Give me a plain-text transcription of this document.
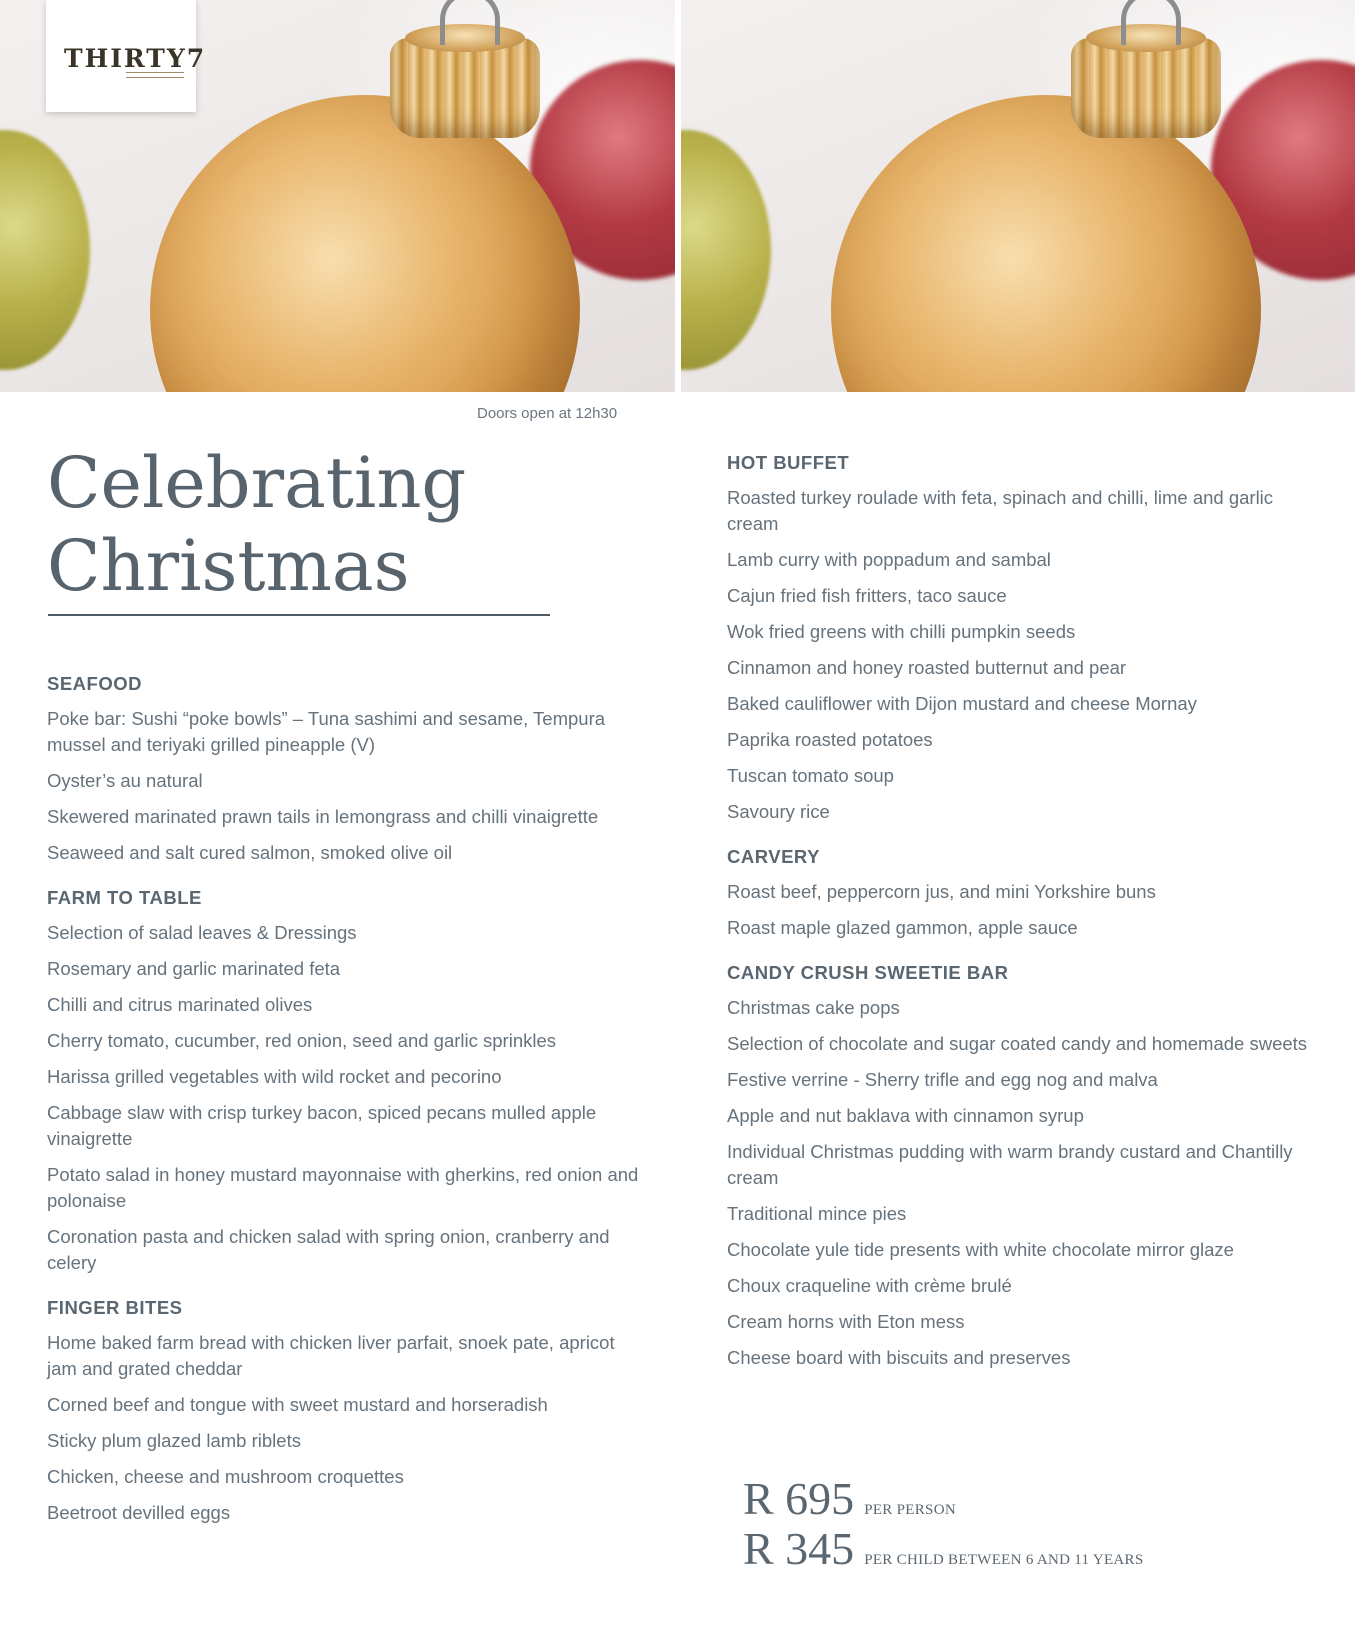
THIRTY7
Doors open at 12h30
Celebrating
Christmas
SEAFOOD
Poke bar: Sushi “poke bowls” – Tuna sashimi and sesame, Tempura mussel and teriyaki grilled pineapple (V)
Oyster’s au natural
Skewered marinated prawn tails in lemongrass and chilli vinaigrette
Seaweed and salt cured salmon, smoked olive oil
FARM TO TABLE
Selection of salad leaves & Dressings
Rosemary and garlic marinated feta
Chilli and citrus marinated olives
Cherry tomato, cucumber, red onion, seed and garlic sprinkles
Harissa grilled vegetables with wild rocket and pecorino
Cabbage slaw with crisp turkey bacon, spiced pecans mulled apple vinaigrette
Potato salad in honey mustard mayonnaise with gherkins, red onion and polonaise
Coronation pasta and chicken salad with spring onion, cranberry and celery
FINGER BITES
Home baked farm bread with chicken liver parfait, snoek pate, apricot jam and grated cheddar
Corned beef and tongue with sweet mustard and horseradish
Sticky plum glazed lamb riblets
Chicken, cheese and mushroom croquettes
Beetroot devilled eggs
HOT BUFFET
Roasted turkey roulade with feta, spinach and chilli, lime and garlic cream
Lamb curry with poppadum and sambal
Cajun fried fish fritters, taco sauce
Wok fried greens with chilli pumpkin seeds
Cinnamon and honey roasted butternut and pear
Baked cauliflower with Dijon mustard and cheese Mornay
Paprika roasted potatoes
Tuscan tomato soup
Savoury rice
CARVERY
Roast beef, peppercorn jus, and mini Yorkshire buns
Roast maple glazed gammon, apple sauce
CANDY CRUSH SWEETIE BAR
Christmas cake pops
Selection of chocolate and sugar coated candy and homemade sweets
Festive verrine - Sherry trifle and egg nog and malva
Apple and nut baklava with cinnamon syrup
Individual Christmas pudding with warm brandy custard and Chantilly cream
Traditional mince pies
Chocolate yule tide presents with white chocolate mirror glaze
Choux craqueline with crème brulé
Cream horns with Eton mess
Cheese board with biscuits and preserves
R 695 PER PERSON
R 345 PER CHILD BETWEEN 6 AND 11 YEARS
